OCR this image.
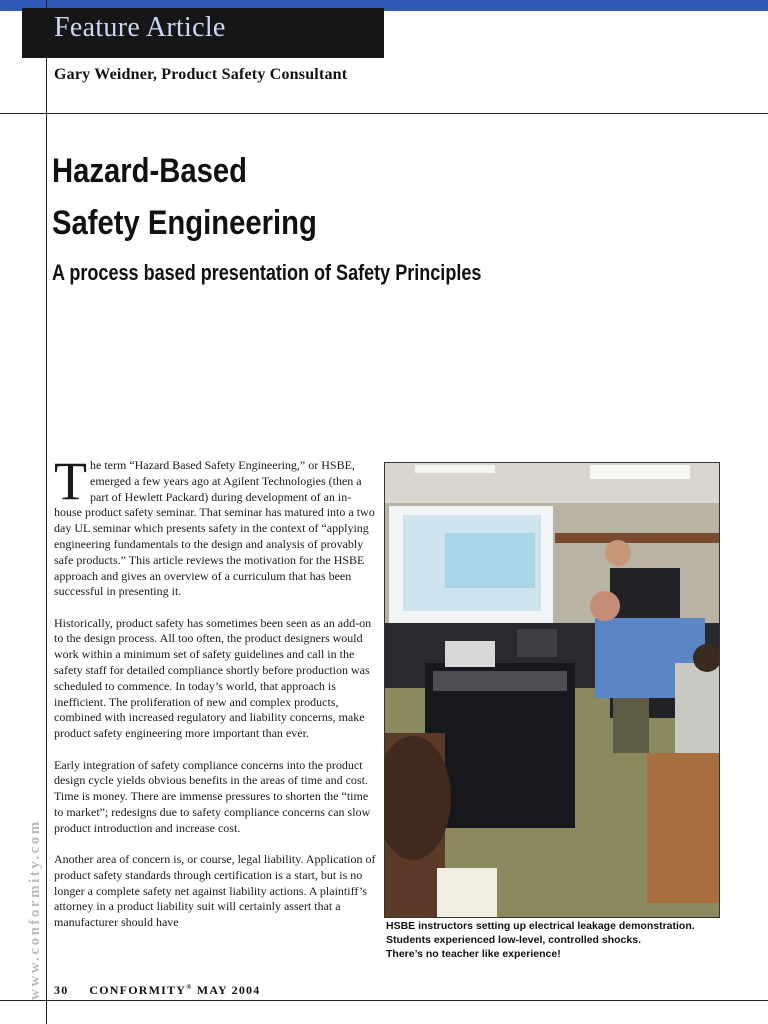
Feature Article
Gary Weidner, Product Safety Consultant
Hazard-Based
Safety Engineering
A process based presentation of Safety Principles

The term “Hazard Based Safety Engineering,” or HSBE, emerged a few years ago at Agilent Technologies (then a part of Hewlett Packard) during development of an in-house product safety seminar. That seminar has matured into a two day UL seminar which presents safety in the context of “applying engineering fundamentals to the design and analysis of provably safe products.” This article reviews the motivation for the HSBE approach and gives an overview of a curriculum that has been successful in presenting it.

Historically, product safety has sometimes been seen as an add-on to the design process. All too often, the product designers would work within a minimum set of safety guidelines and call in the safety staff for detailed compliance shortly before production was scheduled to commence. In today’s world, that approach is inefficient. The proliferation of new and complex products, combined with increased regulatory and liability concerns, make product safety engineering more important than ever.

Early integration of safety compliance concerns into the product design cycle yields obvious benefits in the areas of time and cost. Time is money. There are immense pressures to shorten the “time to market”; redesigns due to safety compliance concerns can slow product introduction and increase cost.

Another area of concern is, or course, legal liability. Application of product safety standards through certification is a start, but is no longer a complete safety net against liability actions. A plaintiff’s attorney in a product liability suit will certainly assert that a manufacturer should have	HSBE instructors setting up electrical leakage demonstration.
Students experienced low-level, controlled shocks.
There’s no teacher like experience!
www.conformity.com 30 CONFORMITY® MAY 2004
